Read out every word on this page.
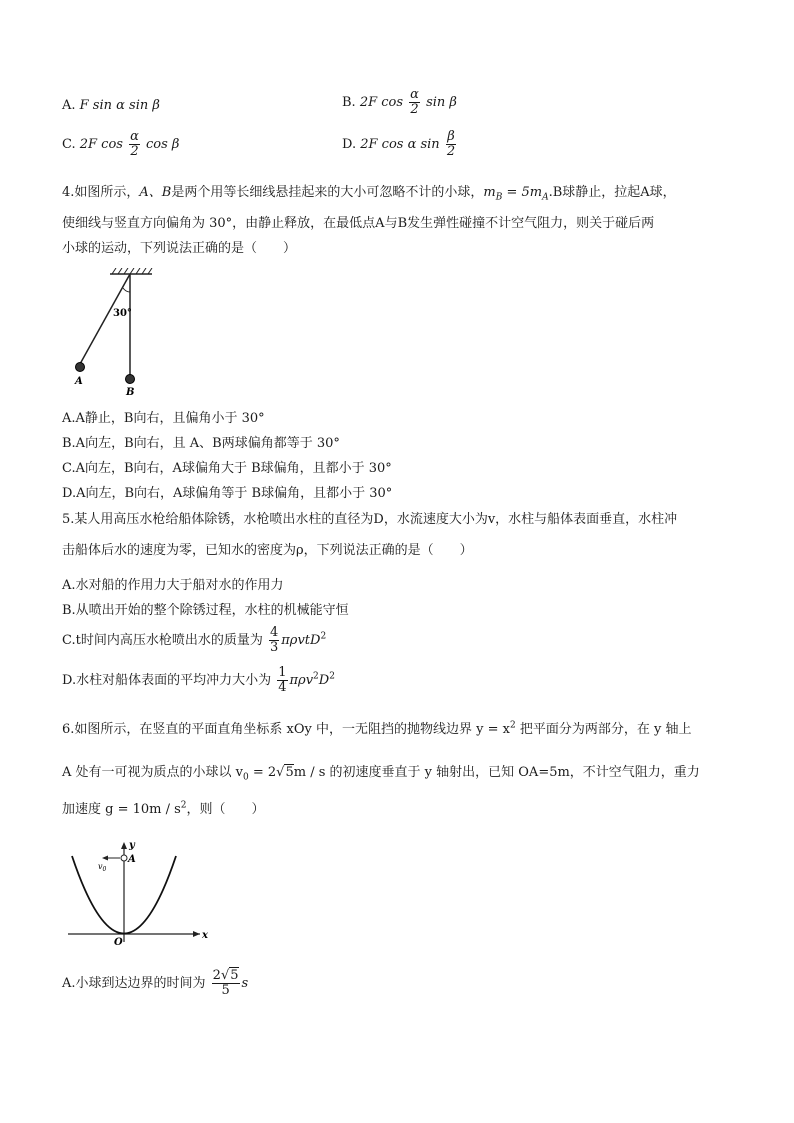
A. F sin α sin β	B. 2F $\cos \frac{\alpha}{2}$ sin β
C. 2F $\cos \frac{\alpha}{2}$ cos β	D. 2F cos α $\sin \frac{\beta}{2}$
4.如图所示，A、B是两个用等长细线悬挂起来的大小可忽略不计的小球，$m_B = 5m_A.B$球静止，拉起A球，
使细线与竖直方向偏角为 30°，由静止释放，在最低点A与B发生弹性碰撞不计空气阻力，则关于碰后两
小球的运动，下列说法正确的是（　　）
30°
A
B
A.A静止，B向右，且偏角小于 30°
B.A向左，B向右，且 A、B两球偏角都等于 30°
C.A向左，B向右，A球偏角大于 B球偏角，且都小于 30°
D.A向左，B向右，A球偏角等于 B球偏角，且都小于 30°
5.某人用高压水枪给船体除锈，水枪喷出水柱的直径为D，水流速度大小为v，水柱与船体表面垂直，水柱冲
击船体后水的速度为零，已知水的密度为ρ，下列说法正确的是（　　）
A.水对船的作用力大于船对水的作用力
B.从喷出开始的整个除锈过程，水柱的机械能守恒
C.t时间内高压水枪喷出水的质量为 $\frac{4}{3} \pi\rho vtD^2$
D.水柱对船体表面的平均冲力大小为 $\frac{1}{4} \pi\rho v^2D^2$
6.如图所示，在竖直的平面直角坐标系 xOy 中，一无阻挡的抛物线边界 $y = x^2$ 把平面分为两部分，在 y 轴上
A 处有一可视为质点的小球以 $v_0 = 2√5m / s$ 的初速度垂直于 y 轴射出，已知 OA=5m，不计空气阻力，重力
加速度 $g = 10m / s^2$，则（　　）
y
x
O
A
$v_0$
A.小球到达边界的时间为 $\frac{2√5}{5}$ s
